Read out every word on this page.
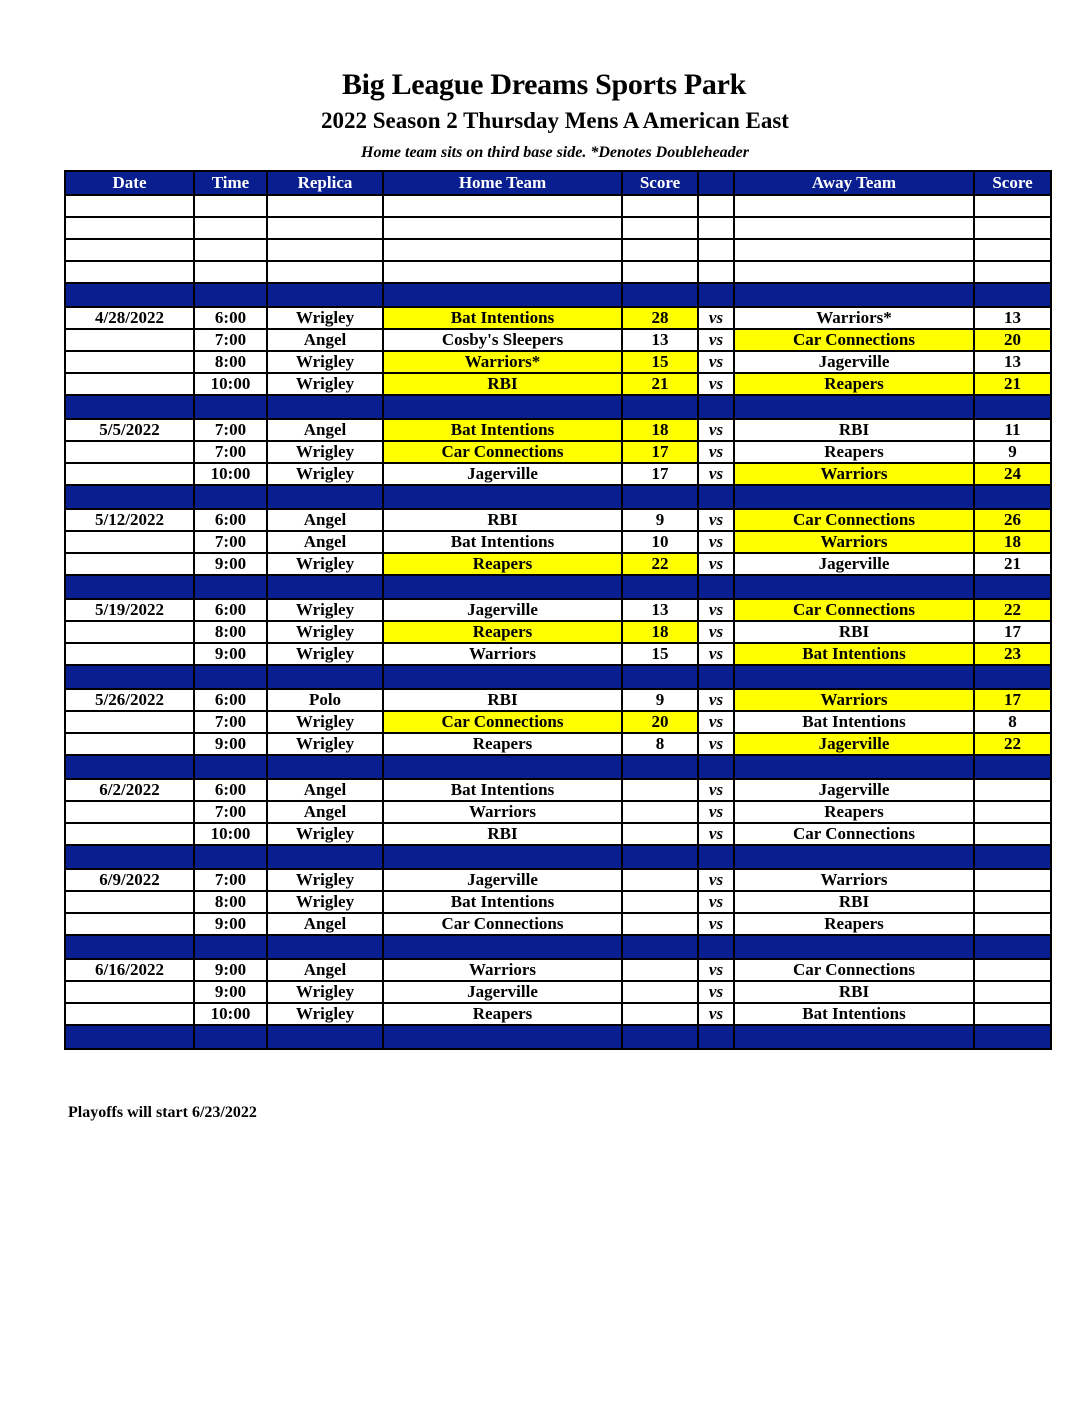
Big League Dreams Sports Park
2022 Season 2 Thursday Mens A American East
Home team sits on third base side. *Denotes Doubleheader
Date	Time	Replica	Home Team	Score		Away Team	Score

4/28/2022	6:00	Wrigley	Bat Intentions	28	vs	Warriors*	13
	7:00	Angel	Cosby's Sleepers	13	vs	Car Connections	20
	8:00	Wrigley	Warriors*	15	vs	Jagerville	13
	10:00	Wrigley	RBI	21	vs	Reapers	21

5/5/2022	7:00	Angel	Bat Intentions	18	vs	RBI	11
	7:00	Wrigley	Car Connections	17	vs	Reapers	9
	10:00	Wrigley	Jagerville	17	vs	Warriors	24

5/12/2022	6:00	Angel	RBI	9	vs	Car Connections	26
	7:00	Angel	Bat Intentions	10	vs	Warriors	18
	9:00	Wrigley	Reapers	22	vs	Jagerville	21

5/19/2022	6:00	Wrigley	Jagerville	13	vs	Car Connections	22
	8:00	Wrigley	Reapers	18	vs	RBI	17
	9:00	Wrigley	Warriors	15	vs	Bat Intentions	23

5/26/2022	6:00	Polo	RBI	9	vs	Warriors	17
	7:00	Wrigley	Car Connections	20	vs	Bat Intentions	8
	9:00	Wrigley	Reapers	8	vs	Jagerville	22

6/2/2022	6:00	Angel	Bat Intentions		vs	Jagerville	
	7:00	Angel	Warriors		vs	Reapers	
	10:00	Wrigley	RBI		vs	Car Connections	

6/9/2022	7:00	Wrigley	Jagerville		vs	Warriors	
	8:00	Wrigley	Bat Intentions		vs	RBI	
	9:00	Angel	Car Connections		vs	Reapers	

6/16/2022	9:00	Angel	Warriors		vs	Car Connections	
	9:00	Wrigley	Jagerville		vs	RBI	
	10:00	Wrigley	Reapers		vs	Bat Intentions	

Playoffs will start 6/23/2022
